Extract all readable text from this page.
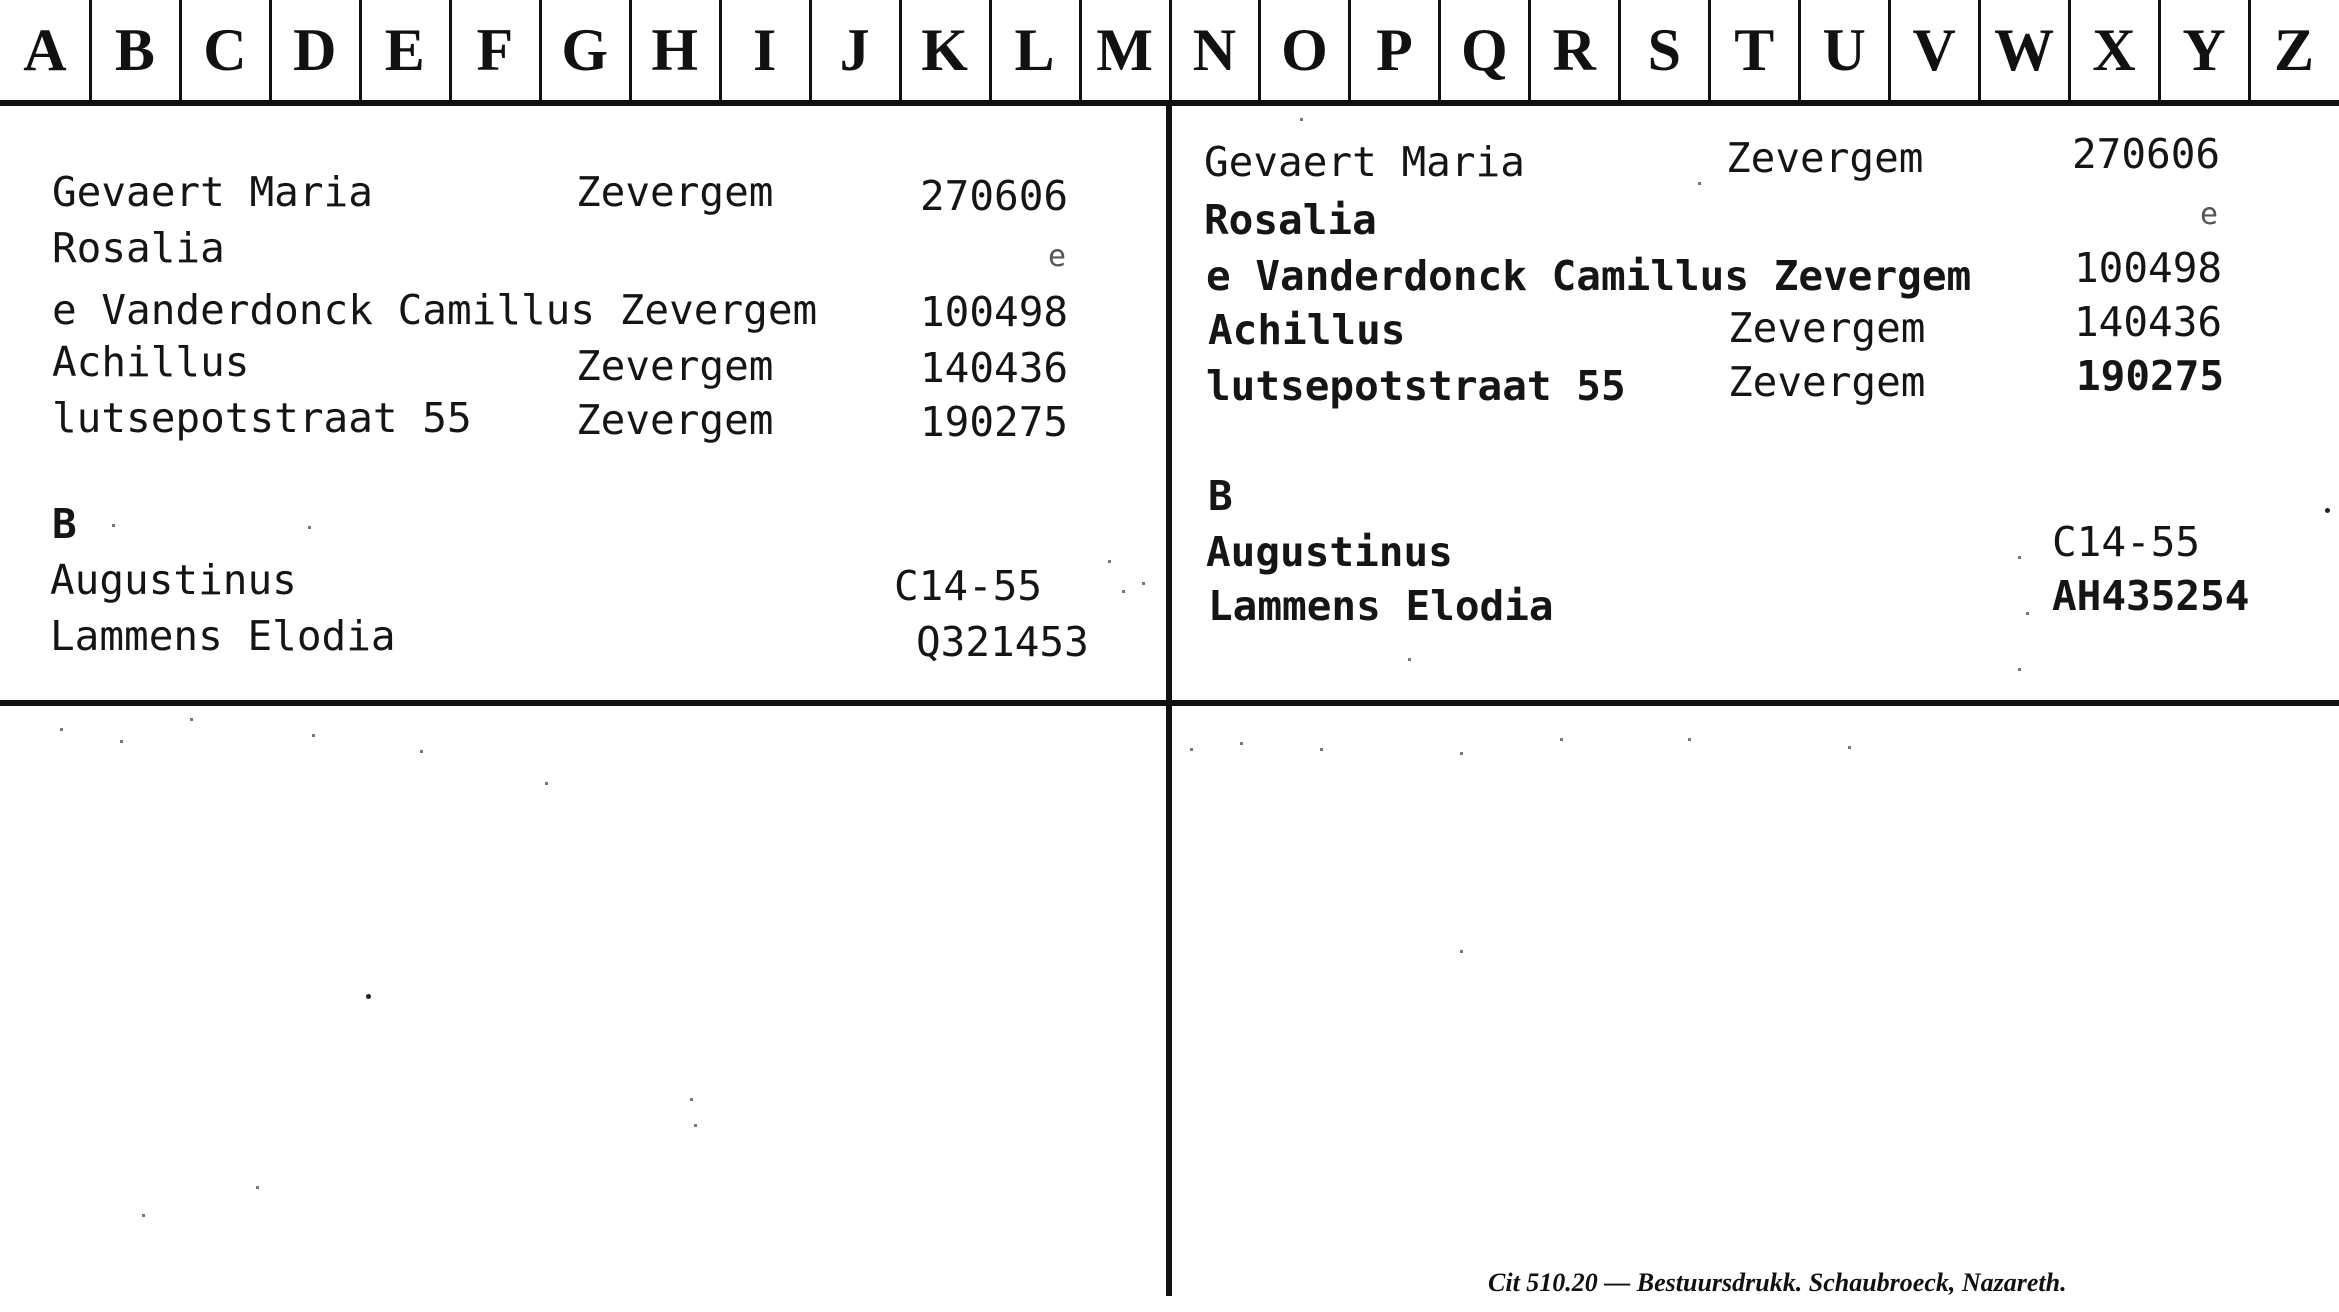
A B C D E F G H I	J K L M N O P Q R S T U V W X Y Z
Gevaert Maria	Zevergem	270606
Rosalia	e
e Vanderdonck Camillus Zevergem	100498
Achillus	Zevergem	140436
lutsepotstraat 55	Zevergem	190275
B
Augustinus	C14-55
Lammens Elodia	Q321453
Gevaert Maria	Zevergem	270606
Rosalia	e
e Vanderdonck Camillus Zevergem	100498
Achillus	Zevergem	140436
lutsepotstraat 55 Zevergem	190275
B
Augustinus	C14-55
Lammens Elodia	AH435254
Cit 510.20 — Bestuursdrukk. Schaubroeck, Nazareth.
